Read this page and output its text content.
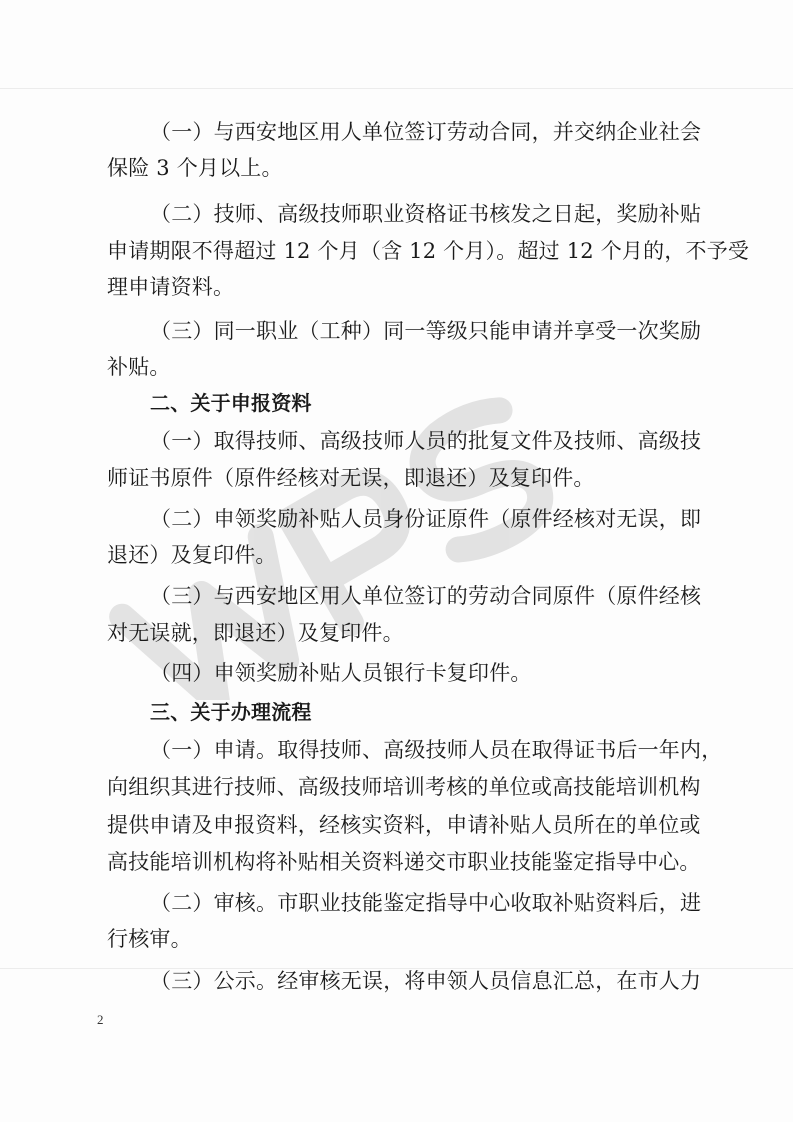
（一）与西安地区用人单位签订劳动合同，并交纳企业社会
保险 3 个月以上。
（二）技师、高级技师职业资格证书核发之日起，奖励补贴
申请期限不得超过 12 个月（含 12 个月）。超过 12 个月的，不予受
理申请资料。
（三）同一职业（工种）同一等级只能申请并享受一次奖励
补贴。
二、关于申报资料
（一）取得技师、高级技师人员的批复文件及技师、高级技
师证书原件（原件经核对无误，即退还）及复印件。
（二）申领奖励补贴人员身份证原件（原件经核对无误，即
退还）及复印件。
（三）与西安地区用人单位签订的劳动合同原件（原件经核
对无误就，即退还）及复印件。
（四）申领奖励补贴人员银行卡复印件。
三、关于办理流程
（一）申请。取得技师、高级技师人员在取得证书后一年内，
向组织其进行技师、高级技师培训考核的单位或高技能培训机构
提供申请及申报资料，经核实资料，申请补贴人员所在的单位或
高技能培训机构将补贴相关资料递交市职业技能鉴定指导中心。
（二）审核。市职业技能鉴定指导中心收取补贴资料后，进
行核审。
（三）公示。经审核无误，将申领人员信息汇总，在市人力
2
